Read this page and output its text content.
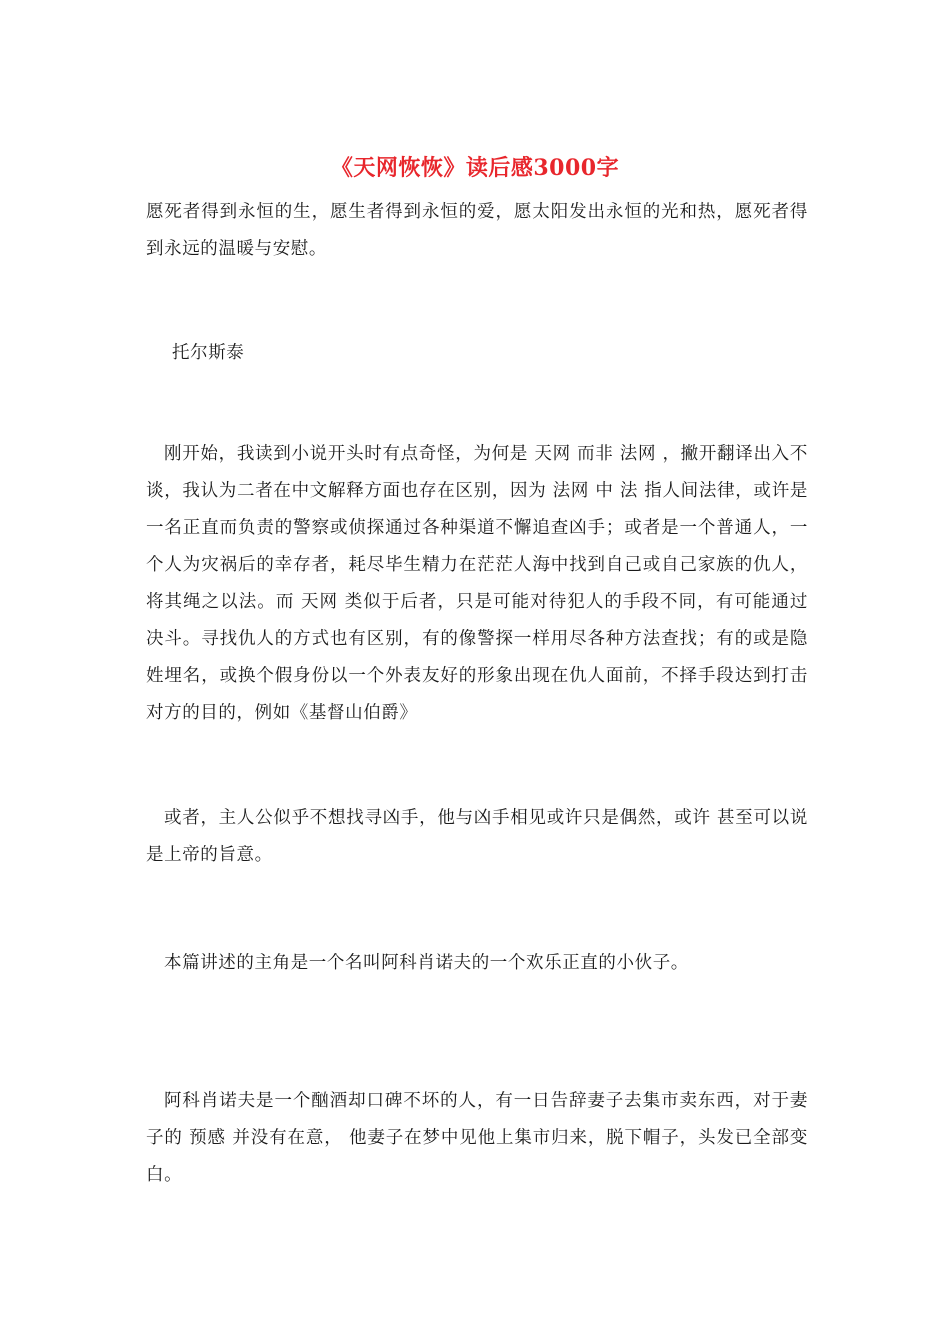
《天网恢恢》读后感3000字

愿死者得到永恒的生，愿生者得到永恒的爱，愿太阳发出永恒的光和热，愿死者得到永远的温暖与安慰。

托尔斯泰

刚开始，我读到小说开头时有点奇怪，为何是 天网 而非 法网 ，撇开翻译出入不谈，我认为二者在中文解释方面也存在区别，因为 法网 中 法 指人间法律，或许是一名正直而负责的警察或侦探通过各种渠道不懈追查凶手；或者是一个普通人，一个人为灾祸后的幸存者，耗尽毕生精力在茫茫人海中找到自己或自己家族的仇人，将其绳之以法。而 天网 类似于后者，只是可能对待犯人的手段不同，有可能通过决斗。寻找仇人的方式也有区别，有的像警探一样用尽各种方法查找；有的或是隐姓埋名，或换个假身份以一个外表友好的形象出现在仇人面前，不择手段达到打击对方的目的，例如《基督山伯爵》

或者，主人公似乎不想找寻凶手，他与凶手相见或许只是偶然，或许 甚至可以说是上帝的旨意。

本篇讲述的主角是一个名叫阿科肖诺夫的一个欢乐正直的小伙子。

阿科肖诺夫是一个酗酒却口碑不坏的人，有一日告辞妻子去集市卖东西，对于妻子的 预感 并没有在意， 他妻子在梦中见他上集市归来，脱下帽子，头发已全部变白。
